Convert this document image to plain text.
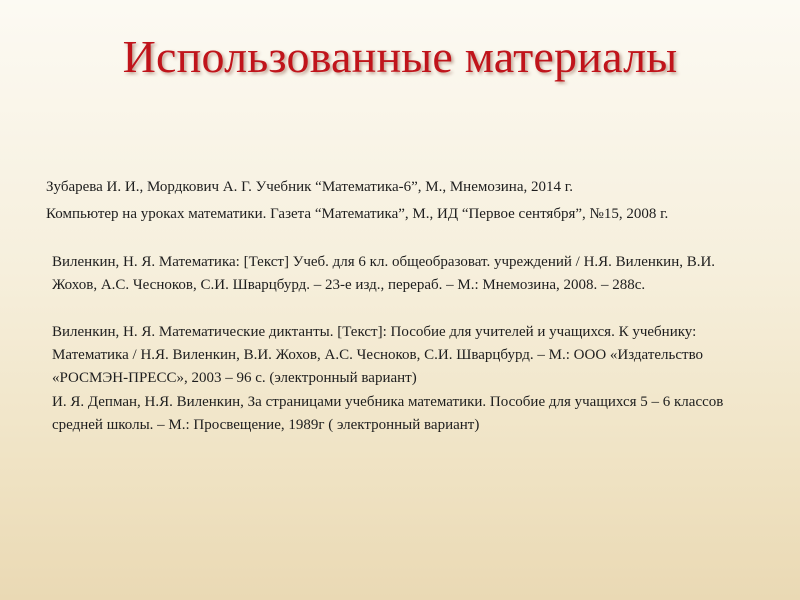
Использованные материалы

Зубарева И. И., Мордкович А. Г. Учебник “Математика-6”, М., Мнемозина, 2014 г.

Компьютер на уроках математики. Газета “Математика”, М., ИД “Первое сентября”, №15, 2008 г.

Виленкин, Н. Я. Математика: [Текст] Учеб. для 6 кл. общеобразоват. учреждений / Н.Я. Виленкин, В.И. Жохов, А.С. Чесноков, С.И. Шварцбурд. – 23-е изд., перераб. – М.: Мнемозина, 2008. – 288с.

Виленкин, Н. Я. Математические диктанты. [Текст]: Пособие для учителей и учащихся. К учебнику: Математика / Н.Я. Виленкин, В.И. Жохов, А.С. Чесноков, С.И. Шварцбурд. – М.: ООО «Издательство «РОСМЭН-ПРЕСС», 2003 – 96 с. (электронный вариант)

И. Я. Депман, Н.Я. Виленкин, За страницами учебника математики. Пособие для учащихся 5 – 6 классов средней школы. – М.: Просвещение, 1989г ( электронный вариант)
